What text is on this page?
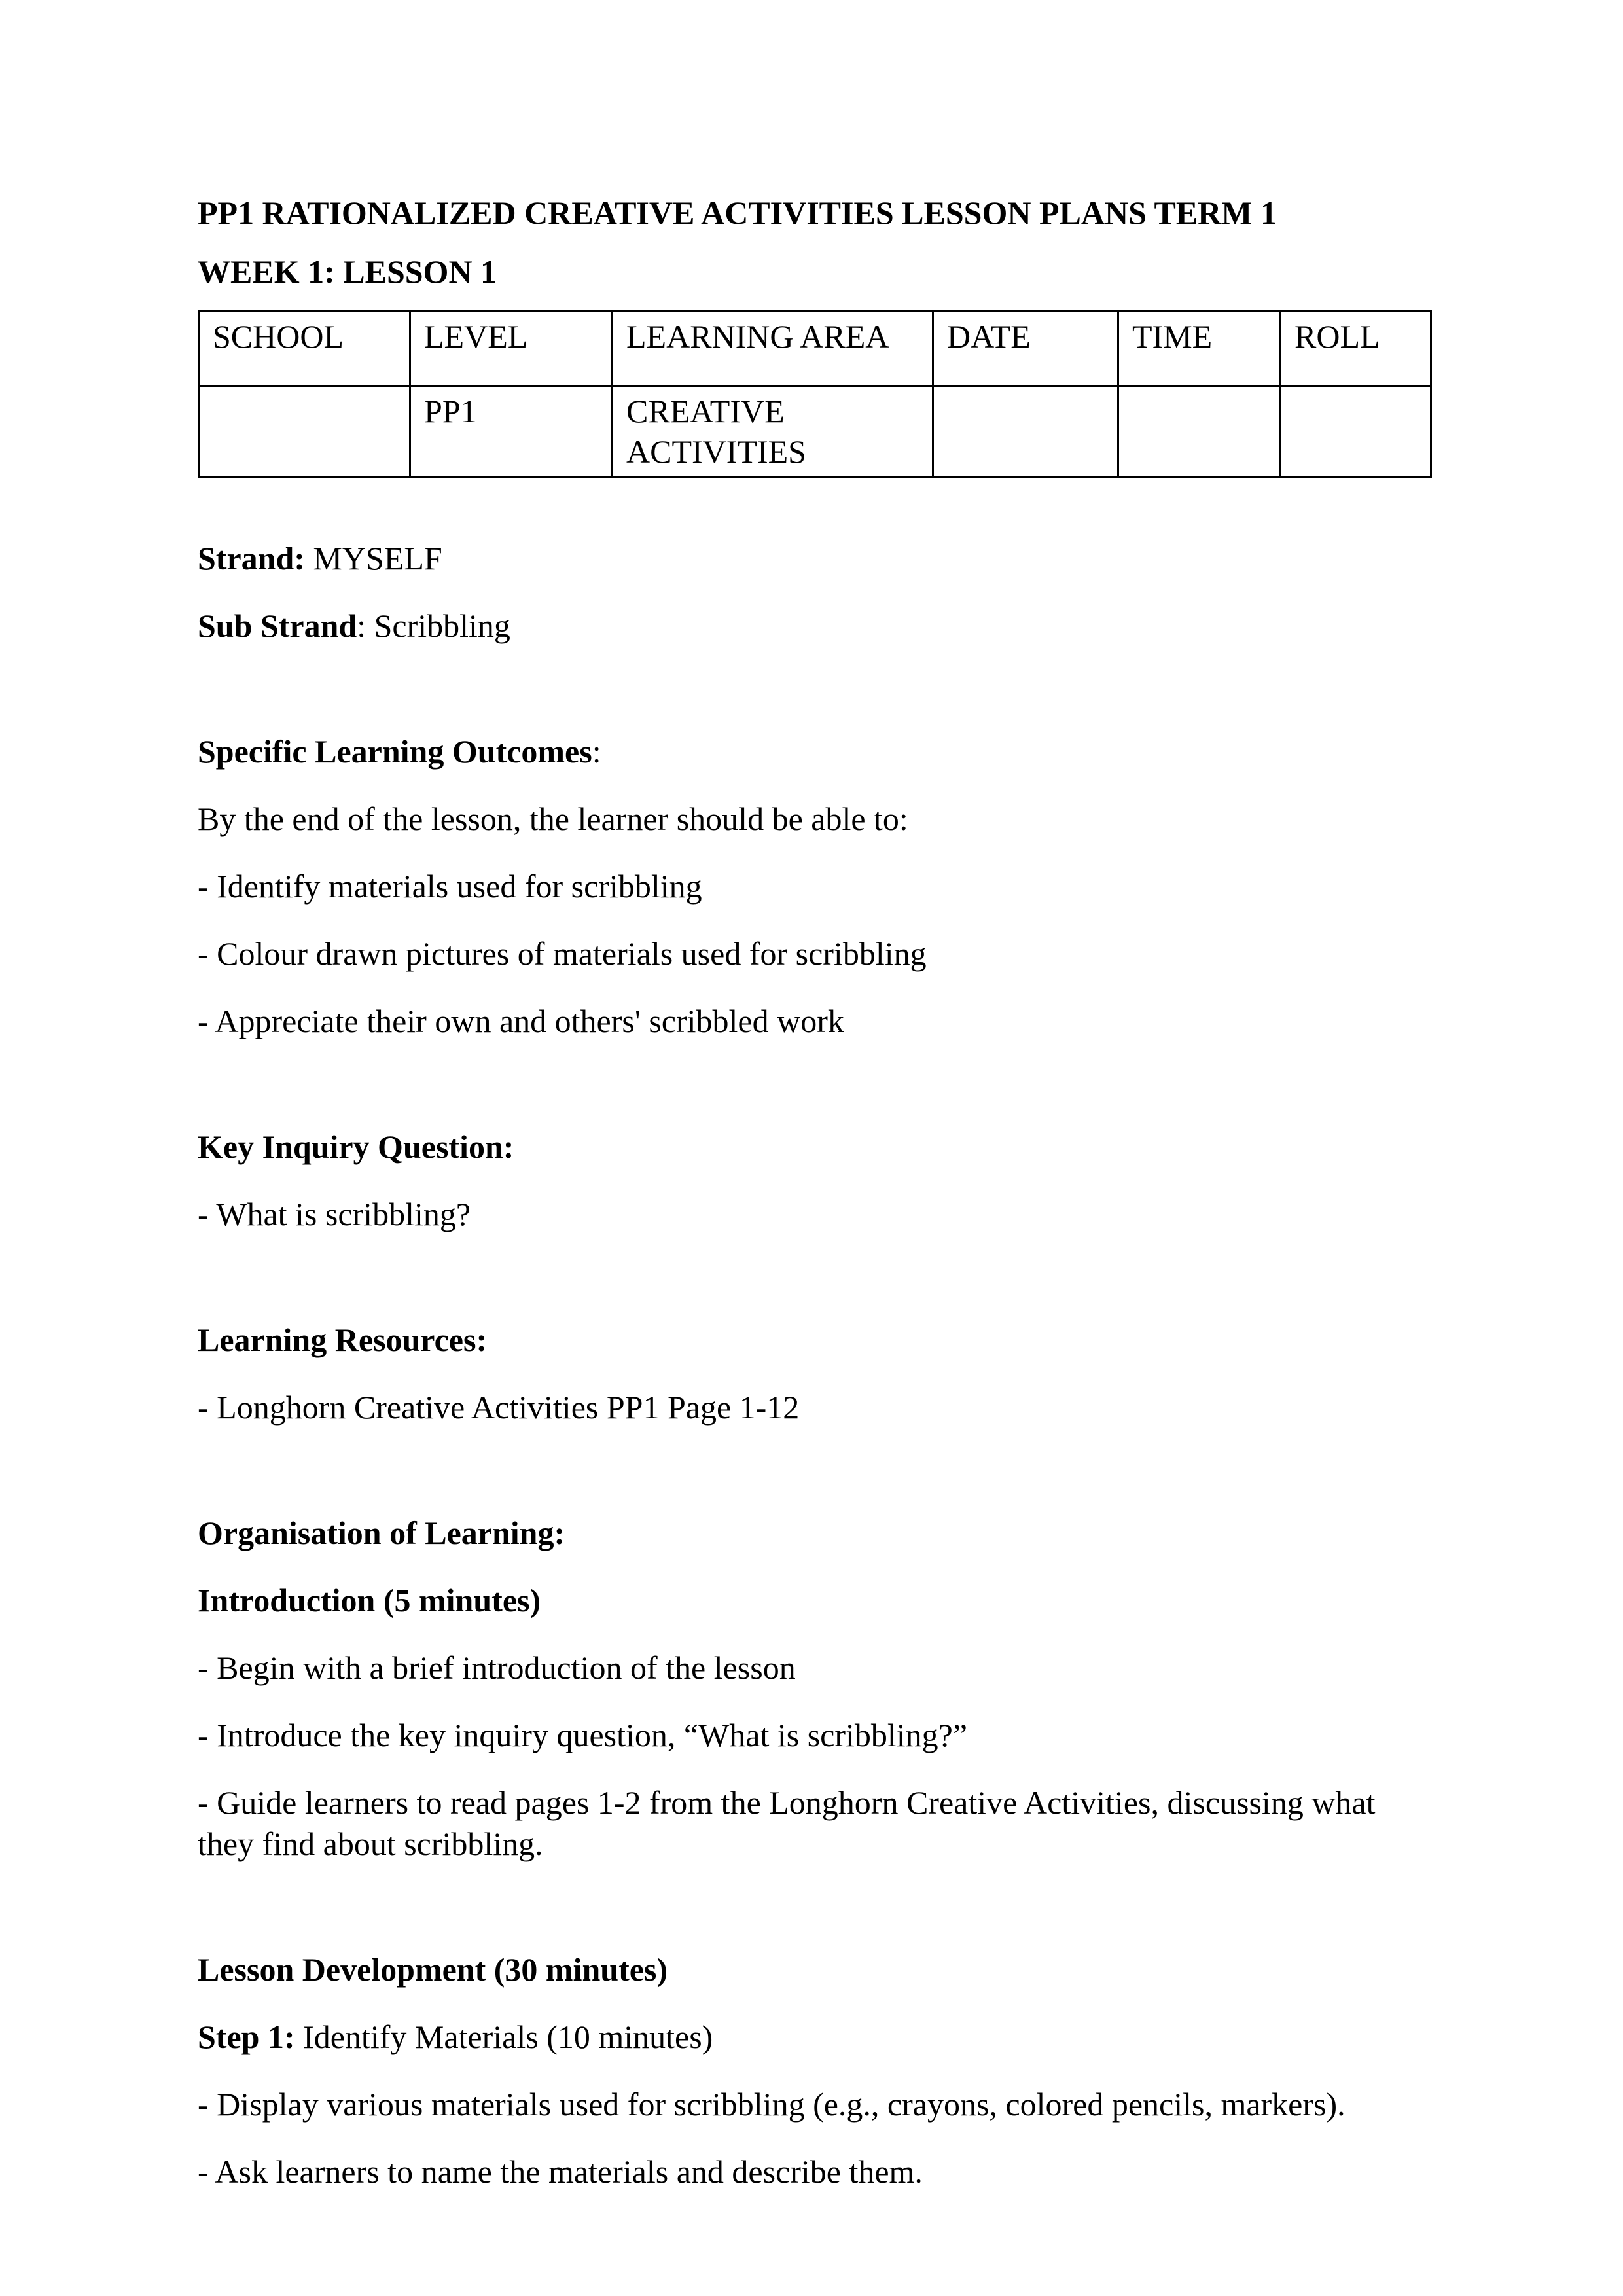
PP1 RATIONALIZED CREATIVE ACTIVITIES LESSON PLANS TERM 1

WEEK 1: LESSON 1

SCHOOL	LEVEL	LEARNING AREA	DATE	TIME	ROLL
	PP1	CREATIVE ACTIVITIES			

Strand: MYSELF

Sub Strand: Scribbling

Specific Learning Outcomes:

By the end of the lesson, the learner should be able to:

- Identify materials used for scribbling

- Colour drawn pictures of materials used for scribbling

- Appreciate their own and others' scribbled work

Key Inquiry Question:

- What is scribbling?

Learning Resources:

- Longhorn Creative Activities PP1 Page 1-12

Organisation of Learning:

Introduction (5 minutes)

- Begin with a brief introduction of the lesson

- Introduce the key inquiry question, “What is scribbling?”

- Guide learners to read pages 1-2 from the Longhorn Creative Activities, discussing what they find about scribbling.

Lesson Development (30 minutes)

Step 1: Identify Materials (10 minutes)

- Display various materials used for scribbling (e.g., crayons, colored pencils, markers).

- Ask learners to name the materials and describe them.
